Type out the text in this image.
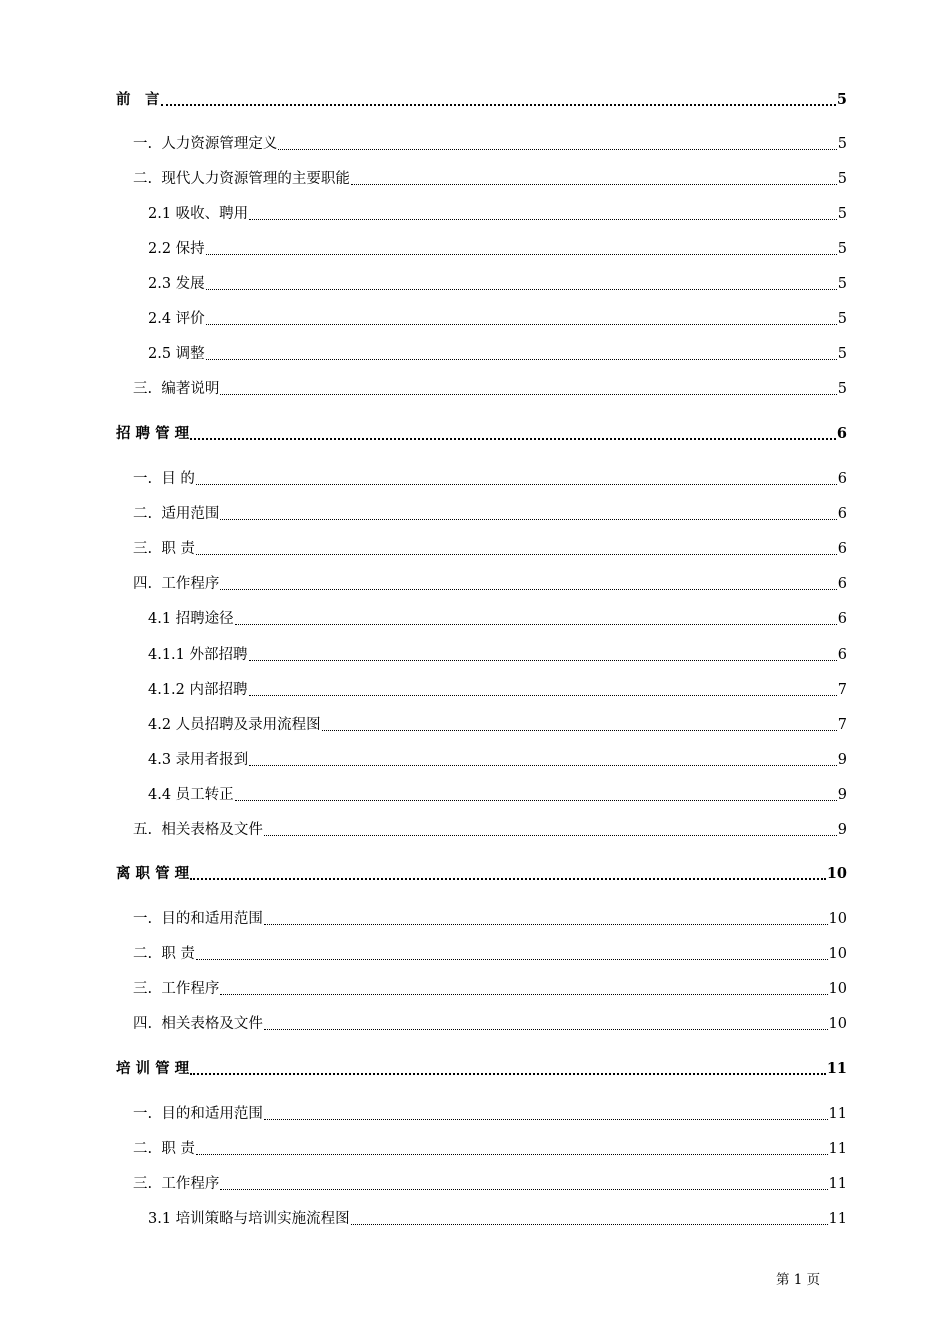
前　言	5
一.  人力资源管理定义	5
二.  现代人力资源管理的主要职能	5
2.1 吸收、聘用	5
2.2 保持	5
2.3 发展	5
2.4 评价	5
2.5 调整	5
三.  编著说明	5
招 聘 管 理	6
一.  目 的	6
二.  适用范围	6
三.  职 责	6
四.  工作程序	6
4.1 招聘途径	6
4.1.1 外部招聘	6
4.1.2 内部招聘	7
4.2 人员招聘及录用流程图	7
4.3 录用者报到	9
4.4 员工转正	9
五.  相关表格及文件	9
离 职 管 理	10
一.  目的和适用范围	10
二.  职 责	10
三.  工作程序	10
四.  相关表格及文件	10
培 训 管 理	11
一.  目的和适用范围	11
二.  职 责	11
三.  工作程序	11
3.1 培训策略与培训实施流程图	11
第 1 页
